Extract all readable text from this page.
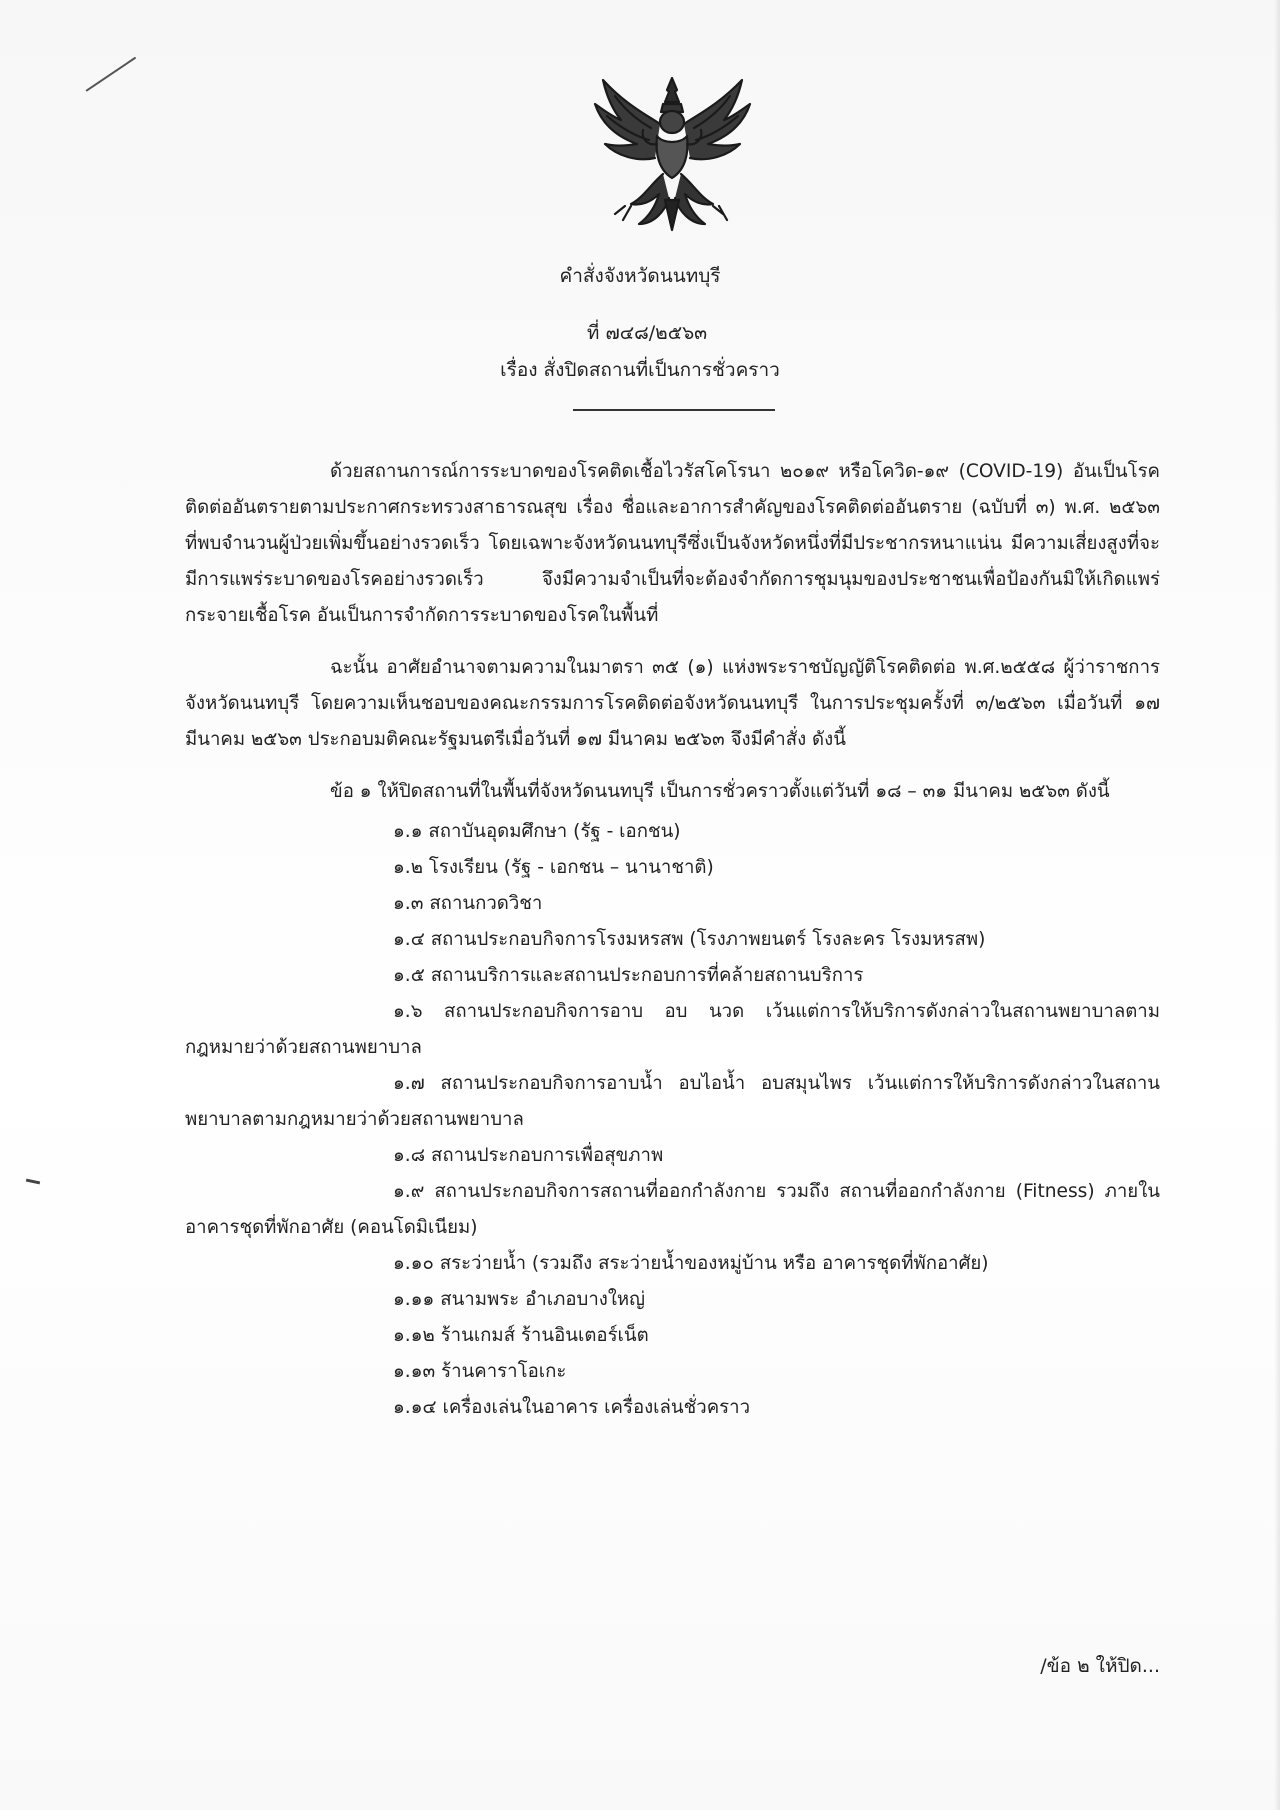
คำสั่งจังหวัดนนทบุรี
ที่ ๗๔๘/๒๕๖๓
เรื่อง สั่งปิดสถานที่เป็นการชั่วคราว

ด้วยสถานการณ์การระบาดของโรคติดเชื้อไวรัสโคโรนา ๒๐๑๙ หรือโควิด-๑๙ (COVID-19) อันเป็นโรคติดต่ออันตรายตามประกาศกระทรวงสาธารณสุข เรื่อง ชื่อและอาการสำคัญของโรคติดต่ออันตราย (ฉบับที่ ๓) พ.ศ. ๒๕๖๓ ที่พบจำนวนผู้ป่วยเพิ่มขึ้นอย่างรวดเร็ว โดยเฉพาะจังหวัดนนทบุรีซึ่งเป็นจังหวัดหนึ่งที่มีประชากรหนาแน่น มีความเสี่ยงสูงที่จะมีการแพร่ระบาดของโรคอย่างรวดเร็ว จึงมีความจำเป็นที่จะต้องจำกัดการชุมนุมของประชาชนเพื่อป้องกันมิให้เกิดแพร่กระจายเชื้อโรค อันเป็นการจำกัดการระบาดของโรคในพื้นที่

ฉะนั้น อาศัยอำนาจตามความในมาตรา ๓๕ (๑) แห่งพระราชบัญญัติโรคติดต่อ พ.ศ.๒๕๕๘ ผู้ว่าราชการจังหวัดนนทบุรี โดยความเห็นชอบของคณะกรรมการโรคติดต่อจังหวัดนนทบุรี ในการประชุมครั้งที่ ๓/๒๕๖๓ เมื่อวันที่ ๑๗ มีนาคม ๒๕๖๓ ประกอบมติคณะรัฐมนตรีเมื่อวันที่ ๑๗ มีนาคม ๒๕๖๓ จึงมีคำสั่ง ดังนี้

ข้อ ๑ ให้ปิดสถานที่ในพื้นที่จังหวัดนนทบุรี เป็นการชั่วคราวตั้งแต่วันที่ ๑๘ – ๓๑ มีนาคม ๒๕๖๓ ดังนี้

๑.๑ สถาบันอุดมศึกษา (รัฐ - เอกชน)

๑.๒ โรงเรียน (รัฐ - เอกชน – นานาชาติ)

๑.๓ สถานกวดวิชา

๑.๔ สถานประกอบกิจการโรงมหรสพ (โรงภาพยนตร์ โรงละคร โรงมหรสพ)

๑.๕ สถานบริการและสถานประกอบการที่คล้ายสถานบริการ

๑.๖ สถานประกอบกิจการอาบ อบ นวด เว้นแต่การให้บริการดังกล่าวในสถานพยาบาลตามกฎหมายว่าด้วยสถานพยาบาล

๑.๗ สถานประกอบกิจการอาบน้ำ อบไอน้ำ อบสมุนไพร เว้นแต่การให้บริการดังกล่าวในสถานพยาบาลตามกฎหมายว่าด้วยสถานพยาบาล

๑.๘ สถานประกอบการเพื่อสุขภาพ

๑.๙ สถานประกอบกิจการสถานที่ออกกำลังกาย รวมถึง สถานที่ออกกำลังกาย (Fitness) ภายในอาคารชุดที่พักอาศัย (คอนโดมิเนียม)

๑.๑๐ สระว่ายน้ำ (รวมถึง สระว่ายน้ำของหมู่บ้าน หรือ อาคารชุดที่พักอาศัย)

๑.๑๑ สนามพระ อำเภอบางใหญ่

๑.๑๒ ร้านเกมส์ ร้านอินเตอร์เน็ต

๑.๑๓ ร้านคาราโอเกะ

๑.๑๔ เครื่องเล่นในอาคาร เครื่องเล่นชั่วคราว

/ข้อ ๒ ให้ปิด...
